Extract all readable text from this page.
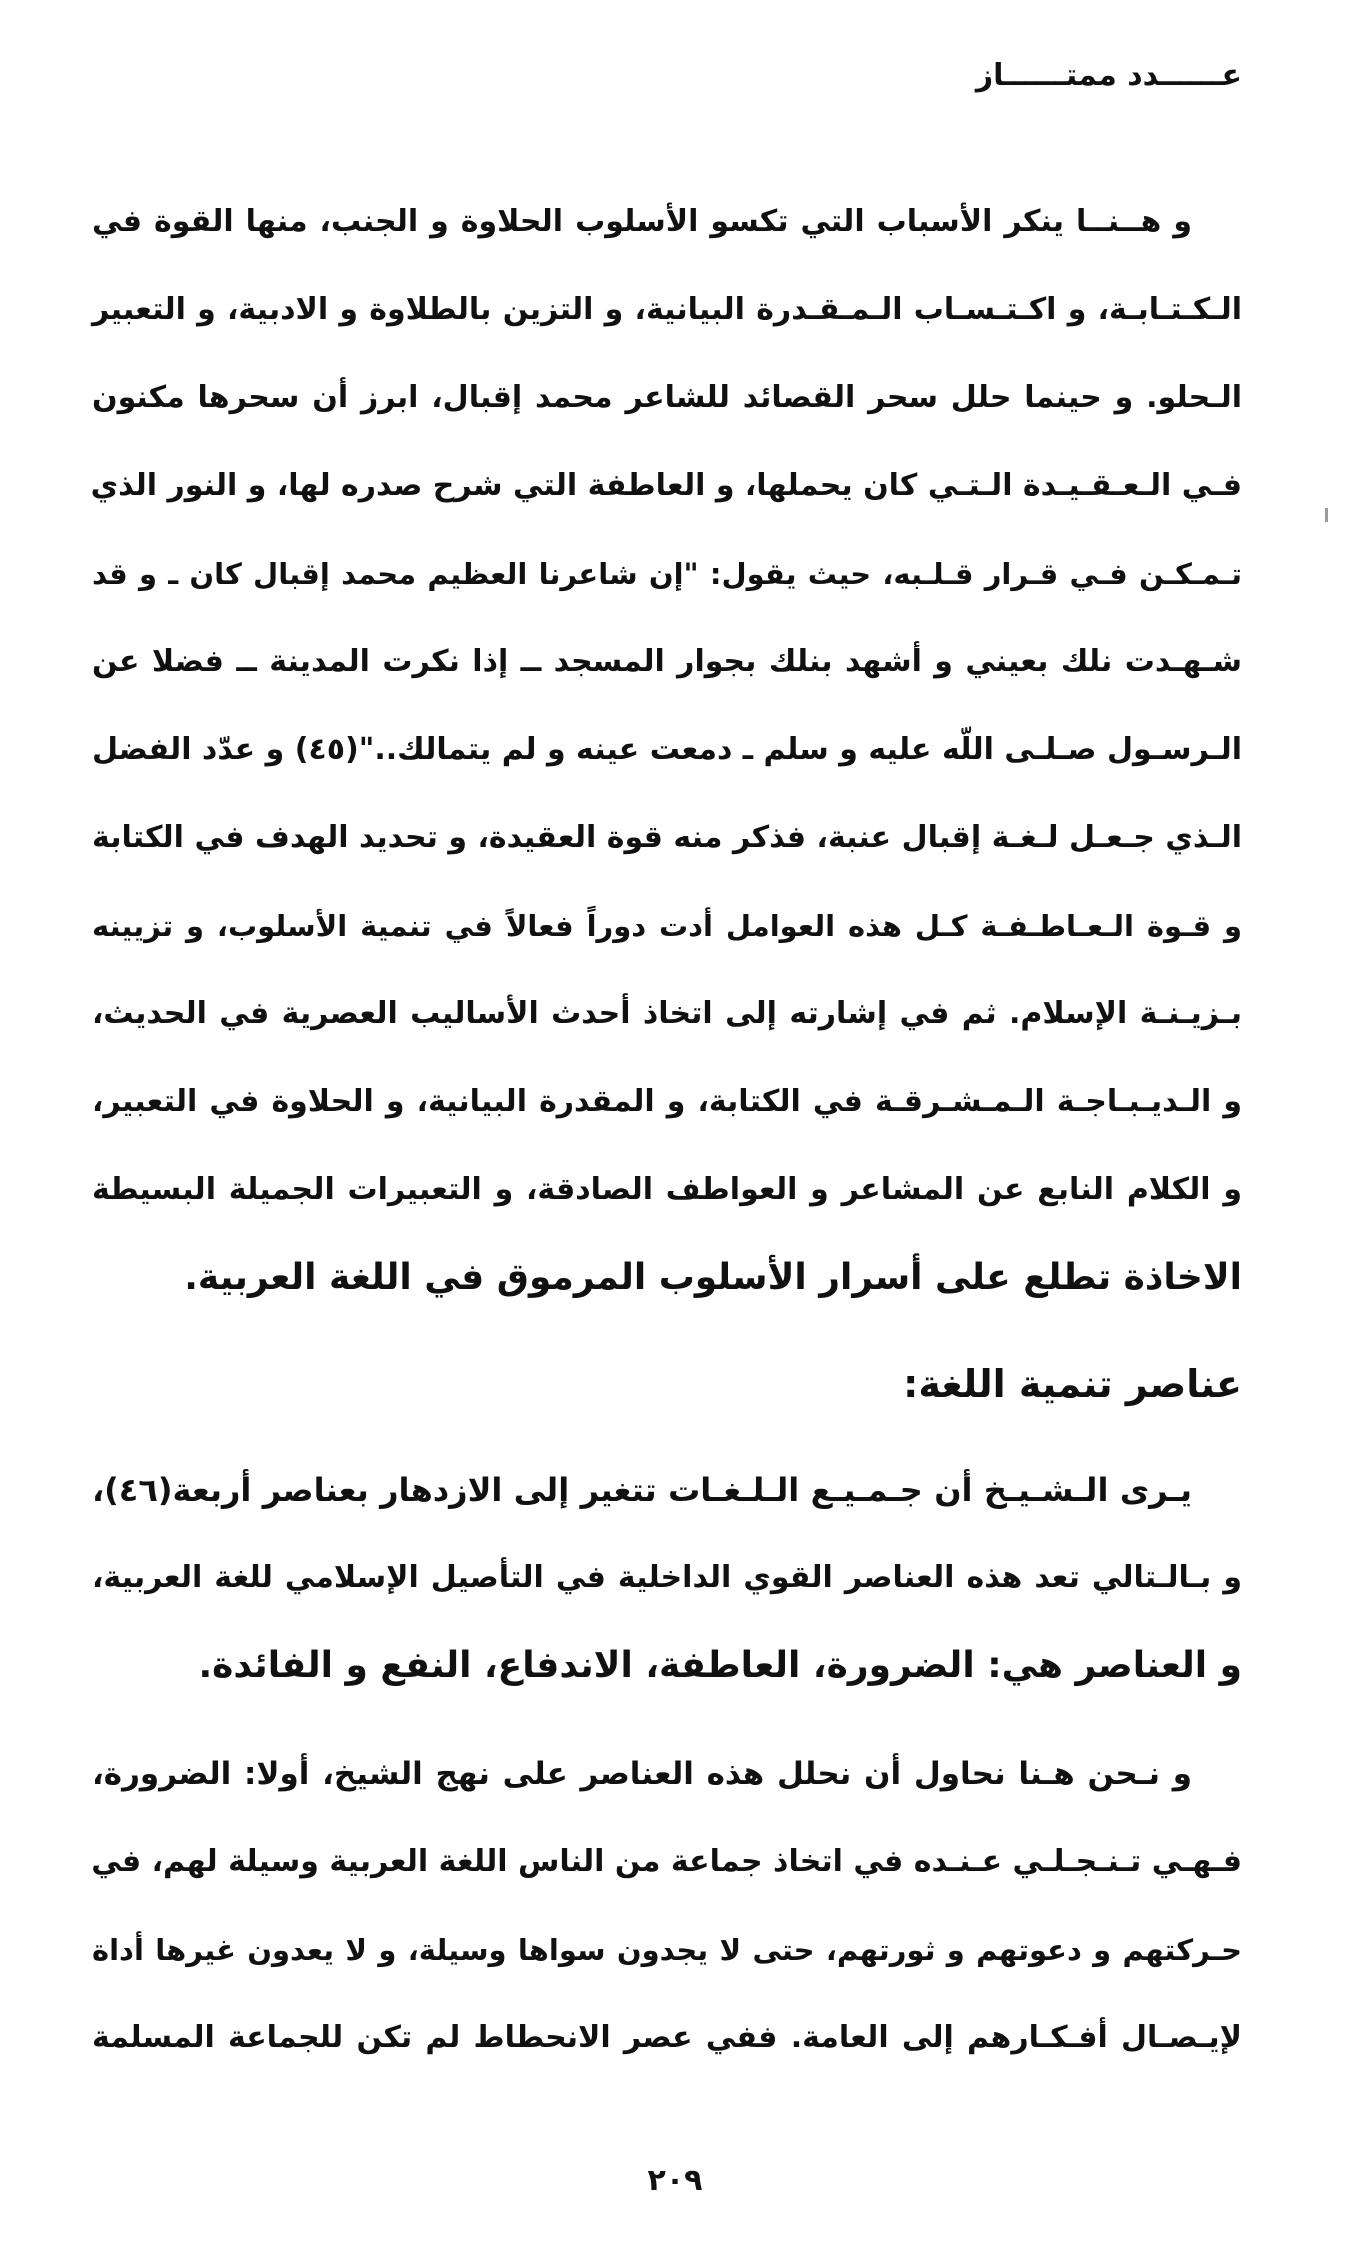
عــــــدد ممتــــــاز
و هــنــا ينكر الأسباب التي تكسو الأسلوب الحلاوة و الجنب، منها القوة في
الـكـتـابـة، و اكـتـسـاب الـمـقـدرة البيانية، و التزين بالطلاوة و الادبية، و التعبير
الـحلو. و حينما حلل سحر القصائد للشاعر محمد إقبال، ابرز أن سحرها مكنون
فـي الـعـقـيـدة الـتـي كان يحملها، و العاطفة التي شرح صدره لها، و النور الذي
تـمـكـن فـي قـرار قـلـبه، حيث يقول: "إن شاعرنا العظيم محمد إقبال كان ـ و قد
شـهـدت نلك بعيني و أشهد بنلك بجوار المسجد ــ إذا نكرت المدينة ــ فضلا عن
الـرسـول صـلـى اللّه عليه و سلم ـ دمعت عينه و لم يتمالك.."(٤٥) و عدّد الفضل
الـذي جـعـل لـغـة إقبال عنبة، فذكر منه قوة العقيدة، و تحديد الهدف في الكتابة
و قـوة الـعـاطـفـة كـل هذه العوامل أدت دوراً فعالاً في تنمية الأسلوب، و تزيينه
بـزيـنـة الإسلام. ثم في إشارته إلى اتخاذ أحدث الأساليب العصرية في الحديث،
و الـديـبـاجـة الـمـشـرقـة في الكتابة، و المقدرة البيانية، و الحلاوة في التعبير،
و الكلام النابع عن المشاعر و العواطف الصادقة، و التعبيرات الجميلة البسيطة
الاخاذة تطلع على أسرار الأسلوب المرموق في اللغة العربية.
عناصر تنمية اللغة:
يـرى الـشـيـخ أن جـمـيـع الـلـغـات تتغير إلى الازدهار بعناصر أربعة(٤٦)،
و بـالـتالي تعد هذه العناصر القوي الداخلية في التأصيل الإسلامي للغة العربية،
و العناصر هي: الضرورة، العاطفة، الاندفاع، النفع و الفائدة.
و نـحن هـنا نحاول أن نحلل هذه العناصر على نهج الشيخ، أولا: الضرورة،
فـهـي تـنـجـلـي عـنـده في اتخاذ جماعة من الناس اللغة العربية وسيلة لهم، في
حـركتهم و دعوتهم و ثورتهم، حتى لا يجدون سواها وسيلة، و لا يعدون غيرها أداة
لإيـصـال أفـكـارهم إلى العامة. ففي عصر الانحطاط لم تكن للجماعة المسلمة
٢٠٩
